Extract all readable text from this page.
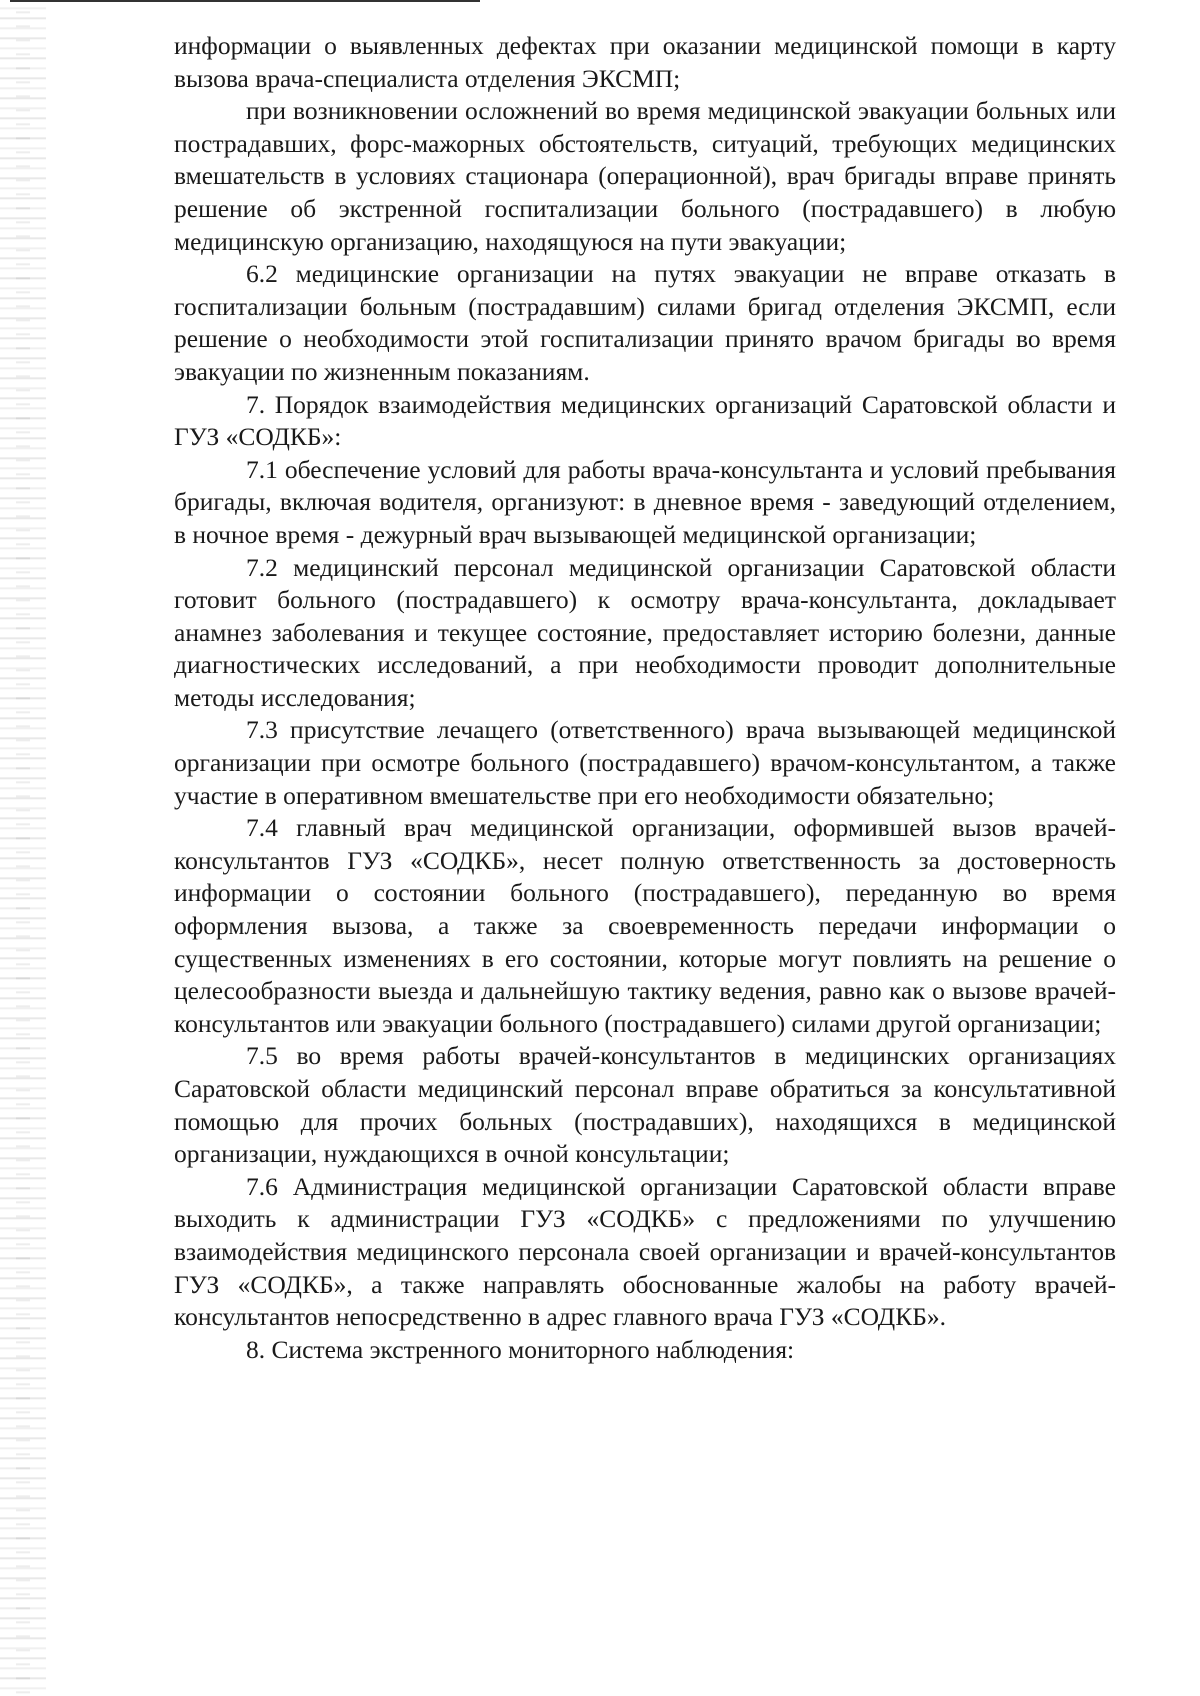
информации о выявленных дефектах при оказании медицинской помощи в карту вызова врача-специалиста отделения ЭКСМП;

при возникновении осложнений во время медицинской эвакуации больных или пострадавших, форс-мажорных обстоятельств, ситуаций, требующих медицинских вмешательств в условиях стационара (операционной), врач бригады вправе принять решение об экстренной госпитализации больного (пострадавшего) в любую медицинскую организацию, находящуюся на пути эвакуации;

6.2 медицинские организации на путях эвакуации не вправе отказать в госпитализации больным (пострадавшим) силами бригад отделения ЭКСМП, если решение о необходимости этой госпитализации принято врачом бригады во время эвакуации по жизненным показаниям.

7. Порядок взаимодействия медицинских организаций Саратовской области и ГУЗ «СОДКБ»:

7.1 обеспечение условий для работы врача-консультанта и условий пребывания бригады, включая водителя, организуют: в дневное время - заведующий отделением, в ночное время - дежурный врач вызывающей медицинской организации;

7.2 медицинский персонал медицинской организации Саратовской области готовит больного (пострадавшего) к осмотру врача-консультанта, докладывает анамнез заболевания и текущее состояние, предоставляет историю болезни, данные диагностических исследований, а при необходимости проводит дополнительные методы исследования;

7.3 присутствие лечащего (ответственного) врача вызывающей медицинской организации при осмотре больного (пострадавшего) врачом-консультантом, а также участие в оперативном вмешательстве при его необходимости обязательно;

7.4 главный врач медицинской организации, оформившей вызов врачей-консультантов ГУЗ «СОДКБ», несет полную ответственность за достоверность информации о состоянии больного (пострадавшего), переданную во время оформления вызова, а также за своевременность передачи информации о существенных изменениях в его состоянии, которые могут повлиять на решение о целесообразности выезда и дальнейшую тактику ведения, равно как о вызове врачей-консультантов или эвакуации больного (пострадавшего) силами другой организации;

7.5 во время работы врачей-консультантов в медицинских организациях Саратовской области медицинский персонал вправе обратиться за консультативной помощью для прочих больных (пострадавших), находящихся в медицинской организации, нуждающихся в очной консультации;

7.6 Администрация медицинской организации Саратовской области вправе выходить к администрации ГУЗ «СОДКБ» с предложениями по улучшению взаимодействия медицинского персонала своей организации и врачей-консультантов ГУЗ «СОДКБ», а также направлять обоснованные жалобы на работу врачей-консультантов непосредственно в адрес главного врача ГУЗ «СОДКБ».

8. Система экстренного мониторного наблюдения:
